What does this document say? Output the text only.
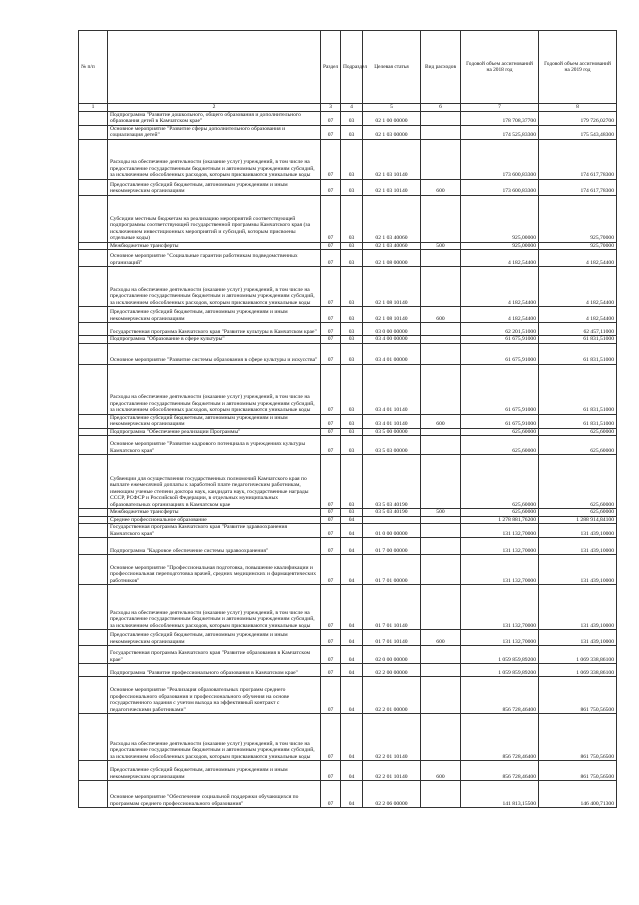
№ п/п		Раздел	Подраздел	Целевая статья	Вид расходов	Годовой объем ассигнований на 2018 год	Годовой объем ассигнований на 2019 год
1	2	3	4	5	6	7	8
	Подпрограмма "Развитие дошкольного, общего образования и дополнительного образования детей в Камчатском крае"	07	03	02 1 00 00000		178 708,37700	179 726,02700
	Основное мероприятие "Развитие сферы дополнительного образования и социализация детей"	07	03	02 1 03 00000		174 525,83300	175 543,48300
	Расходы на обеспечение деятельности (оказание услуг) учреждений, в том числе на предоставление государственным бюджетным и автономным учреждениям субсидий, за исключением обособленных расходов, которым присваиваются уникальные коды	07	03	02 1 03 10140		173 600,83300	174 617,78300
	Предоставление субсидий бюджетным, автономным учреждениям и иным некоммерческим организациям	07	03	02 1 03 10140	600	173 600,83300	174 617,78300
	Субсидии местным бюджетам на реализацию мероприятий соответствующей подпрограммы соответствующей государственной программы Камчатского края (за исключением инвестиционных мероприятий и субсидий, которым присвоены отдельные коды)	07	03	02 1 03 40060		925,00000	925,70000
	Межбюджетные трансферты	07	03	02 1 03 40060	500	925,00000	925,70000
	Основное мероприятие "Социальные гарантии работникам подведомственных организаций"	07	03	02 1 08 00000		4 182,54400	4 182,54400
	Расходы на обеспечение деятельности (оказание услуг) учреждений, в том числе на предоставление государственным бюджетным и автономным учреждениям субсидий, за исключением обособленных расходов, которым присваиваются уникальные коды	07	03	02 1 08 10140		4 182,54400	4 182,54400
	Предоставление субсидий бюджетным, автономным учреждениям и иным некоммерческим организациям	07	03	02 1 08 10140	600	4 182,54400	4 182,54400
	Государственная программа Камчатского края "Развитие культуры в Камчатском крае"	07	03	03 0 00 00000		62 201,51000	62 457,11000
	Подпрограмма "Образование в сфере культуры"	07	03	03 4 00 00000		61 675,91000	61 831,51000
	Основное мероприятие "Развитие системы образования в сфере культуры и искусства"	07	03	03 4 01 00000		61 675,91000	61 831,51000
	Расходы на обеспечение деятельности (оказание услуг) учреждений, в том числе на предоставление государственным бюджетным и автономным учреждениям субсидий, за исключением обособленных расходов, которым присваиваются уникальные коды	07	03	03 4 01 10140		61 675,91000	61 831,51000
	Предоставление субсидий бюджетным, автономным учреждениям и иным некоммерческим организациям	07	03	03 4 01 10140	600	61 675,91000	61 831,51000
	Подпрограмма "Обеспечение реализации Программы"	07	03	03 5 00 00000		625,60000	625,60000
	Основное мероприятие "Развитие кадрового потенциала в учреждениях культуры Камчатского края"	07	03	03 5 03 00000		625,60000	625,60000
	Субвенции для осуществления государственных полномочий Камчатского края по выплате ежемесячной доплаты к заработной плате педагогическим работникам, имеющим ученые степени доктора наук, кандидата наук, государственные награды СССР, РСФСР и Российской Федерации, в отдельных муниципальных образовательных организациях в Камчатском крае	07	03	03 5 03 40190		625,60000	625,60000
	Межбюджетные трансферты	07	03	03 5 03 40190	500	625,60000	625,60000
	Среднее профессиональное образование	07	04			1 278 881,76200	1 288 914,84100
	Государственная программа Камчатского края "Развитие здравоохранения Камчатского края"	07	04	01 0 00 00000		131 132,70000	131 439,10000
	Подпрограмма "Кадровое обеспечение системы здравоохранения"	07	04	01 7 00 00000		131 132,70000	131 439,10000
	Основное мероприятие "Профессиональная подготовка, повышение квалификации и профессиональная переподготовка врачей, средних медицинских и фармацевтических работников"	07	04	01 7 01 00000		131 132,70000	131 439,10000
	Расходы на обеспечение деятельности (оказание услуг) учреждений, в том числе на предоставление государственным бюджетным и автономным учреждениям субсидий, за исключением обособленных расходов, которым присваиваются уникальные коды	07	04	01 7 01 10140		131 132,70000	131 439,10000
	Предоставление субсидий бюджетным, автономным учреждениям и иным некоммерческим организациям	07	04	01 7 01 10140	600	131 132,70000	131 439,10000
	Государственная программа Камчатского края "Развитие образования в Камчатском крае"	07	04	02 0 00 00000		1 059 859,89200	1 069 338,86100
	Подпрограмма "Развитие профессионального образования в Камчатском крае"	07	04	02 2 00 00000		1 059 859,89200	1 069 338,86100
	Основное мероприятие "Реализация образовательных программ среднего профессионального образования и профессионального обучения на основе государственного задания с учетом выхода на эффективный контракт с педагогическими работниками"	07	04	02 2 01 00000		856 728,46400	861 750,56500
	Расходы на обеспечение деятельности (оказание услуг) учреждений, в том числе на предоставление государственным бюджетным и автономным учреждениям субсидий, за исключением обособленных расходов, которым присваиваются уникальные коды	07	04	02 2 01 10140		856 728,46400	861 750,56500
	Предоставление субсидий бюджетным, автономным учреждениям и иным некоммерческим организациям	07	04	02 2 01 10140	600	856 728,46400	861 750,56500
	Основное мероприятие "Обеспечение социальной поддержки обучающихся по программам среднего профессионального образования"	07	04	02 2 06 00000		141 813,15500	146 400,71300
